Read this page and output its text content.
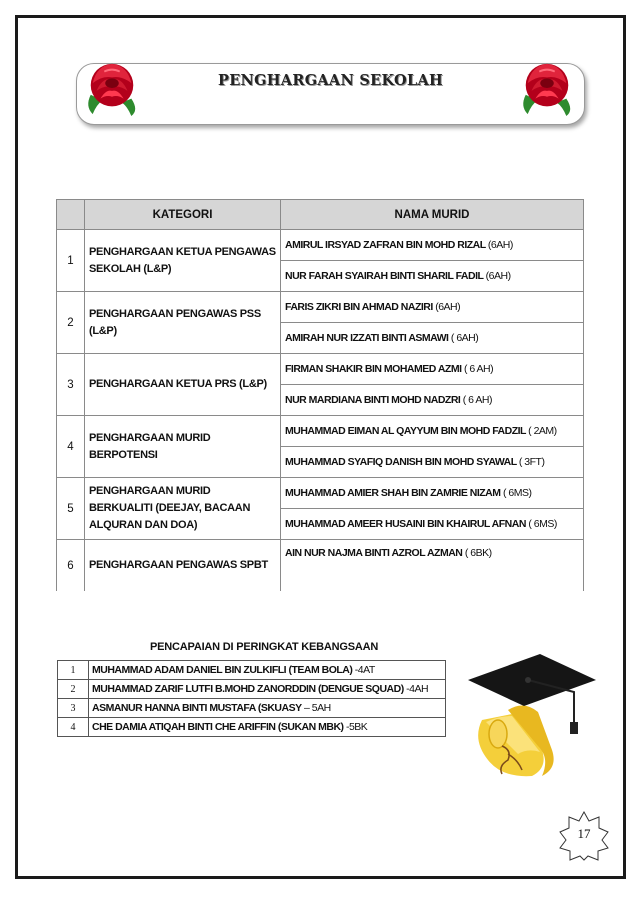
PENGHARGAAN SEKOLAH
	KATEGORI	NAMA MURID
1	PENGHARGAAN KETUA PENGAWAS SEKOLAH (L&P)	AMIRUL IRSYAD ZAFRAN BIN MOHD RIZAL (6AH)
		NUR FARAH SYAIRAH BINTI SHARIL FADIL (6AH)
2	PENGHARGAAN PENGAWAS PSS (L&P)	FARIS ZIKRI BIN AHMAD NAZIRI (6AH)
		AMIRAH NUR IZZATI BINTI ASMAWI ( 6AH)
3	PENGHARGAAN KETUA PRS (L&P)	FIRMAN SHAKIR BIN MOHAMED AZMI ( 6 AH)
		NUR MARDIANA BINTI MOHD NADZRI ( 6 AH)
4	PENGHARGAAN MURID BERPOTENSI	MUHAMMAD EIMAN AL QAYYUM BIN MOHD FADZIL ( 2AM)
		MUHAMMAD SYAFIQ DANISH BIN MOHD SYAWAL ( 3FT)
5	PENGHARGAAN MURID BERKUALITI (DEEJAY, BACAAN ALQURAN DAN DOA)	MUHAMMAD AMIER SHAH BIN ZAMRIE NIZAM ( 6MS)
		MUHAMMAD AMEER HUSAINI BIN KHAIRUL AFNAN ( 6MS)
6	PENGHARGAAN PENGAWAS SPBT	AIN NUR NAJMA BINTI AZROL AZMAN ( 6BK)
PENCAPAIAN DI PERINGKAT KEBANGSAAN
1	MUHAMMAD ADAM DANIEL BIN ZULKIFLI (TEAM BOLA) -4AT
2	MUHAMMAD ZARIF LUTFI B.MOHD ZANORDDIN (DENGUE SQUAD) -4AH
3	ASMANUR HANNA BINTI MUSTAFA (SKUASY – 5AH
4	CHE DAMIA ATIQAH BINTI CHE ARIFFIN (SUKAN MBK) -5BK
17
